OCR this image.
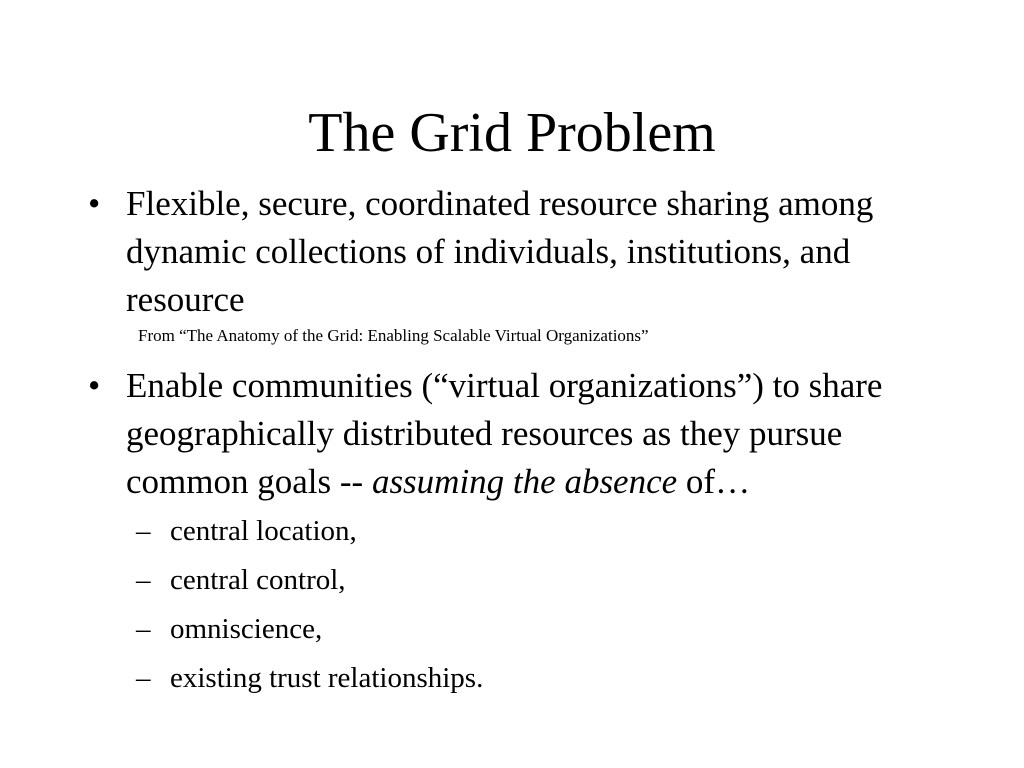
The Grid Problem
• Flexible, secure, coordinated resource sharing among dynamic collections of individuals, institutions, and resource
From “The Anatomy of the Grid: Enabling Scalable Virtual Organizations”
• Enable communities (“virtual organizations”) to share geographically distributed resources as they pursue common goals -- assuming the absence of…
– central location,
– central control,
– omniscience,
– existing trust relationships.
